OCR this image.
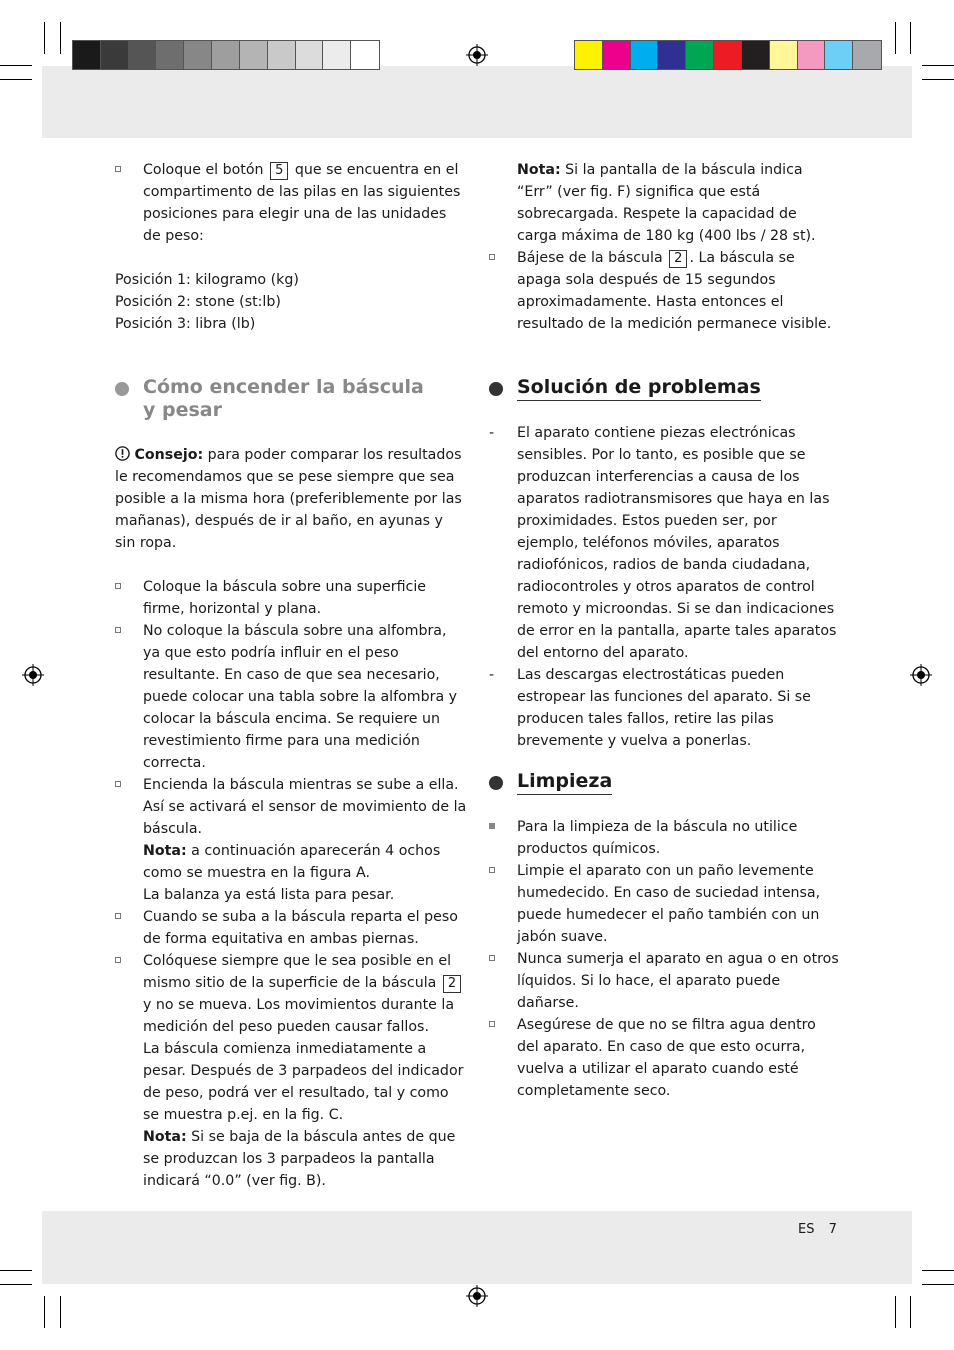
Coloque el botón 5 que se encuentra en el compartimento de las pilas en las siguientes posiciones para elegir una de las unidades de peso:

Posición 1: kilogramo (kg)

Posición 2: stone (st:lb)

Posición 3: libra (lb)

Cómo encender la báscula
y pesar

Consejo: para poder comparar los resultados le recomendamos que se pese siempre que sea posible a la misma hora (preferiblemente por las mañanas), después de ir al baño, en ayunas y sin ropa.

Coloque la báscula sobre una superficie firme, horizontal y plana.
No coloque la báscula sobre una alfombra, ya que esto podría influir en el peso resultante. En caso de que sea necesario, puede colocar una tabla sobre la alfombra y colocar la báscula encima. Se requiere un revestimiento firme para una medición correcta.

Encienda la báscula mientras se sube a ella. Así se activará el sensor de movimiento de la báscula.

Nota: a continuación aparecerán 4 ochos como se muestra en la figura A.

La balanza ya está lista para pesar.

Cuando se suba a la báscula reparta el peso de forma equitativa en ambas piernas.

Colóquese siempre que le sea posible en el mismo sitio de la superficie de la báscula 2 y no se mueva. Los movimientos durante la medición del peso pueden causar fallos.

La báscula comienza inmediatamente a pesar. Después de 3 parpadeos del indicador de peso, podrá ver el resultado, tal y como se muestra p.ej. en la fig. C.

Nota: Si se baja de la báscula antes de que se produzcan los 3 parpadeos la pantalla indicará “0.0” (ver fig. B).

Nota: Si la pantalla de la báscula indica “Err” (ver fig. F) significa que está sobrecargada. Respete la capacidad de carga máxima de 180 kg (400 lbs / 28 st).

Bájese de la báscula 2 . La báscula se apaga sola después de 15 segundos aproximadamente. Hasta entonces el resultado de la medición permanece visible.
Solución de problemas
- El aparato contiene piezas electrónicas sensibles. Por lo tanto, es posible que se produzcan interferencias a causa de los aparatos radiotransmisores que haya en las proximidades. Estos pueden ser, por ejemplo, teléfonos móviles, aparatos radiofónicos, radios de banda ciudadana, radiocontroles y otros aparatos de control remoto y microondas. Si se dan indicaciones de error en la pantalla, aparte tales aparatos del entorno del aparato.
- Las descargas electrostáticas pueden estropear las funciones del aparato. Si se producen tales fallos, retire las pilas brevemente y vuelva a ponerlas.
Limpieza
Para la limpieza de la báscula no utilice productos químicos.
Limpie el aparato con un paño levemente humedecido. En caso de suciedad intensa, puede humedecer el paño también con un jabón suave.
Nunca sumerja el aparato en agua o en otros líquidos. Si lo hace, el aparato puede dañarse.
Asegúrese de que no se filtra agua dentro del aparato. En caso de que esto ocurra, vuelva a utilizar el aparato cuando esté completamente seco.
ES 7
